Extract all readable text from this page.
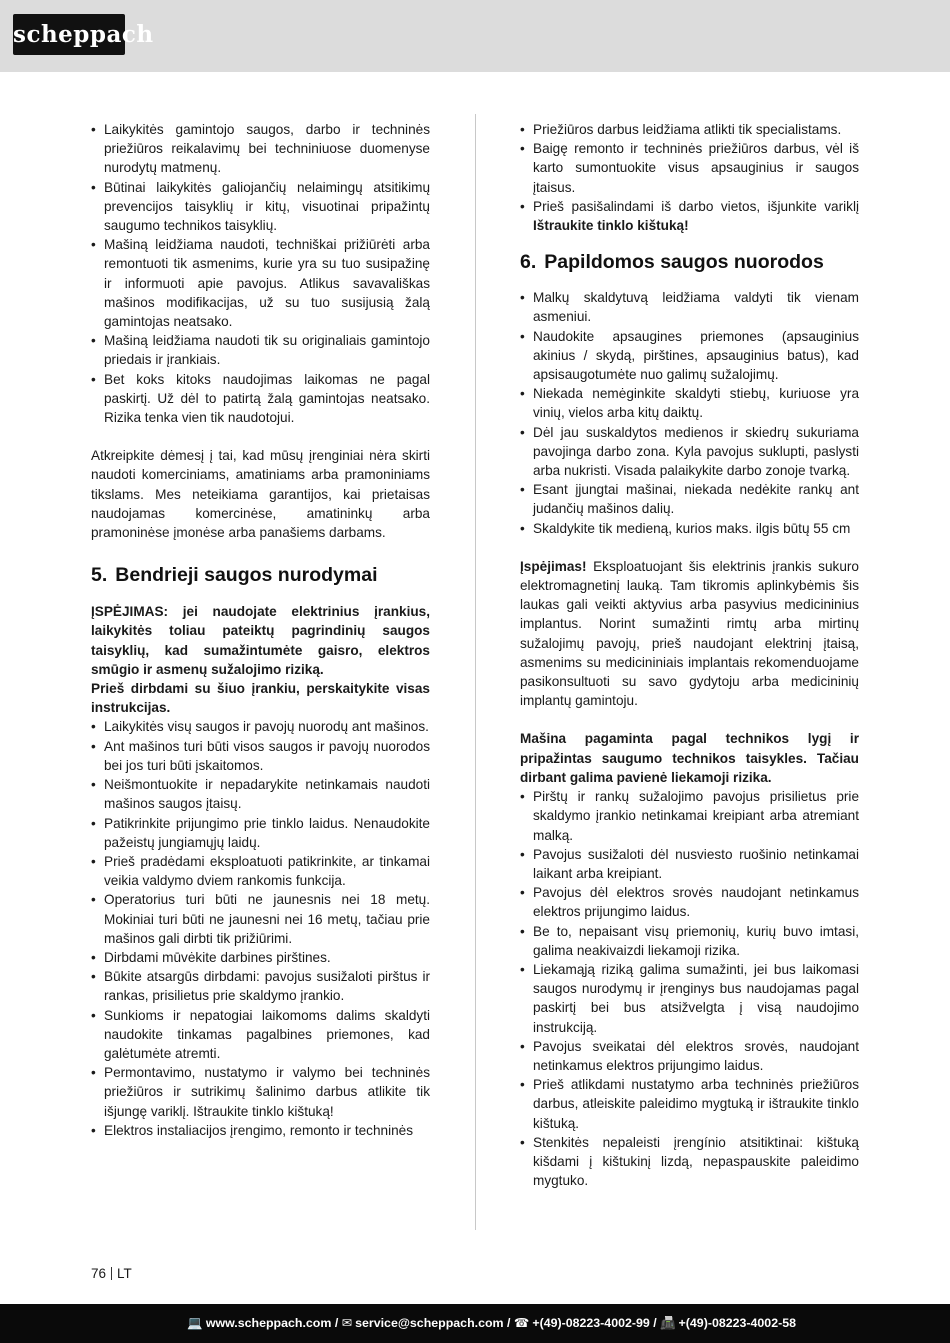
scheppach
• Laikykitės gamintojo saugos, darbo ir techninės priežiūros reikalavimų bei techniniuose duomenyse nurodytų matmenų.
• Būtinai laikykitės galiojančių nelaimingų atsitikimų prevencijos taisyklių ir kitų, visuotinai pripažintų saugumo technikos taisyklių.
• Mašiną leidžiama naudoti, techniškai prižiūrėti arba remontuoti tik asmenims, kurie yra su tuo susipažinę ir informuoti apie pavojus. Atlikus savavališkas mašinos modifikacijas, už su tuo susijusią žalą gamintojas neatsako.
• Mašiną leidžiama naudoti tik su originaliais gamintojo priedais ir įrankiais.
• Bet koks kitoks naudojimas laikomas ne pagal paskirtį. Už dėl to patirtą žalą gamintojas neatsako. Rizika tenka vien tik naudotojui.

Atkreipkite dėmesį į tai, kad mūsų įrenginiai nėra skirti naudoti komerciniams, amatiniams arba pramoniniams tikslams. Mes neteikiama garantijos, kai prietaisas naudojamas komercinėse, amatininkų arba pramoninėse įmonėse arba panašiems darbams.

5. Bendrieji saugos nurodymai

ĮSPĖJIMAS: jei naudojate elektrinius įrankius, laikykitės toliau pateiktų pagrindinių saugos taisyklių, kad sumažintumėte gaisro, elektros smūgio ir asmenų sužalojimo riziką.

Prieš dirbdami su šiuo įrankiu, perskaitykite visas instrukcijas.

• Laikykitės visų saugos ir pavojų nuorodų ant mašinos.
• Ant mašinos turi būti visos saugos ir pavojų nuorodos bei jos turi būti įskaitomos.
• Neišmontuokite ir nepadarykite netinkamais naudoti mašinos saugos įtaisų.
• Patikrinkite prijungimo prie tinklo laidus. Nenaudokite pažeistų jungiamųjų laidų.
• Prieš pradėdami eksploatuoti patikrinkite, ar tinkamai veikia valdymo dviem rankomis funkcija.
• Operatorius turi būti ne jaunesnis nei 18 metų. Mokiniai turi būti ne jaunesni nei 16 metų, tačiau prie mašinos gali dirbti tik prižiūrimi.
• Dirbdami mūvėkite darbines pirštines.
• Būkite atsargūs dirbdami: pavojus susižaloti pirštus ir rankas, prisilietus prie skaldymo įrankio.
• Sunkioms ir nepatogiai laikomoms dalims skaldyti naudokite tinkamas pagalbines priemones, kad galėtumėte atremti.
• Permontavimo, nustatymo ir valymo bei techninės priežiūros ir sutrikimų šalinimo darbus atlikite tik išjungę variklį. Ištraukite tinklo kištuką!
• Elektros instaliacijos įrengimo, remonto ir techninės
• Priežiūros darbus leidžiama atlikti tik specialistams.
• Baigę remonto ir techninės priežiūros darbus, vėl iš karto sumontuokite visus apsauginius ir saugos įtaisus.
• Prieš pasišalindami iš darbo vietos, išjunkite variklį Ištraukite tinklo kištuką!
6. Papildomos saugos nuorodos
• Malkų skaldytuvą leidžiama valdyti tik vienam asmeniui.
• Naudokite apsaugines priemones (apsauginius akinius / skydą, pirštines, apsauginius batus), kad apsisaugotumėte nuo galimų sužalojimų.
• Niekada nemėginkite skaldyti stiebų, kuriuose yra vinių, vielos arba kitų daiktų.
• Dėl jau suskaldytos medienos ir skiedrų sukuriama pavojinga darbo zona. Kyla pavojus suklupti, paslysti arba nukristi. Visada palaikykite darbo zonoje tvarką.
• Esant įjungtai mašinai, niekada nedėkite rankų ant judančių mašinos dalių.
• Skaldykite tik medieną, kurios maks. ilgis būtų 55 cm

Įspėjimas! Eksploatuojant šis elektrinis įrankis sukuro elektromagnetinį lauką. Tam tikromis aplinkybėmis šis laukas gali veikti aktyvius arba pasyvius medicininius implantus. Norint sumažinti rimtų arba mirtinų sužalojimų pavojų, prieš naudojant elektrinį įtaisą, asmenims su medicininiais implantais rekomenduojame pasikonsultuoti su savo gydytoju arba medicininių implantų gamintoju.

Mašina pagaminta pagal technikos lygį ir pripažintas saugumo technikos taisykles. Tačiau dirbant galima pavienė liekamoji rizika.

• Pirštų ir rankų sužalojimo pavojus prisilietus prie skaldymo įrankio netinkamai kreipiant arba atremiant malką.
• Pavojus susižaloti dėl nusviesto ruošinio netinkamai laikant arba kreipiant.
• Pavojus dėl elektros srovės naudojant netinkamus elektros prijungimo laidus.
• Be to, nepaisant visų priemonių, kurių buvo imtasi, galima neakivaizdi liekamoji rizika.
• Liekamąją riziką galima sumažinti, jei bus laikomasi saugos nurodymų ir įrenginys bus naudojamas pagal paskirtį bei bus atsižvelgta į visą naudojimo instrukciją.
• Pavojus sveikatai dėl elektros srovės, naudojant netinkamus elektros prijungimo laidus.
• Prieš atlikdami nustatymo arba techninės priežiūros darbus, atleiskite paleidimo mygtuką ir ištraukite tinklo kištuką.
• Stenkitės nepaleisti įrengínio atsitiktinai: kištuką kišdami į kištukinį lizdą, nepaspauskite paleidimo mygtuko.
76 LT
💻 www.scheppach.com / ✉ service@scheppach.com / ☎ +(49)-08223-4002-99 / 📠 +(49)-08223-4002-58
